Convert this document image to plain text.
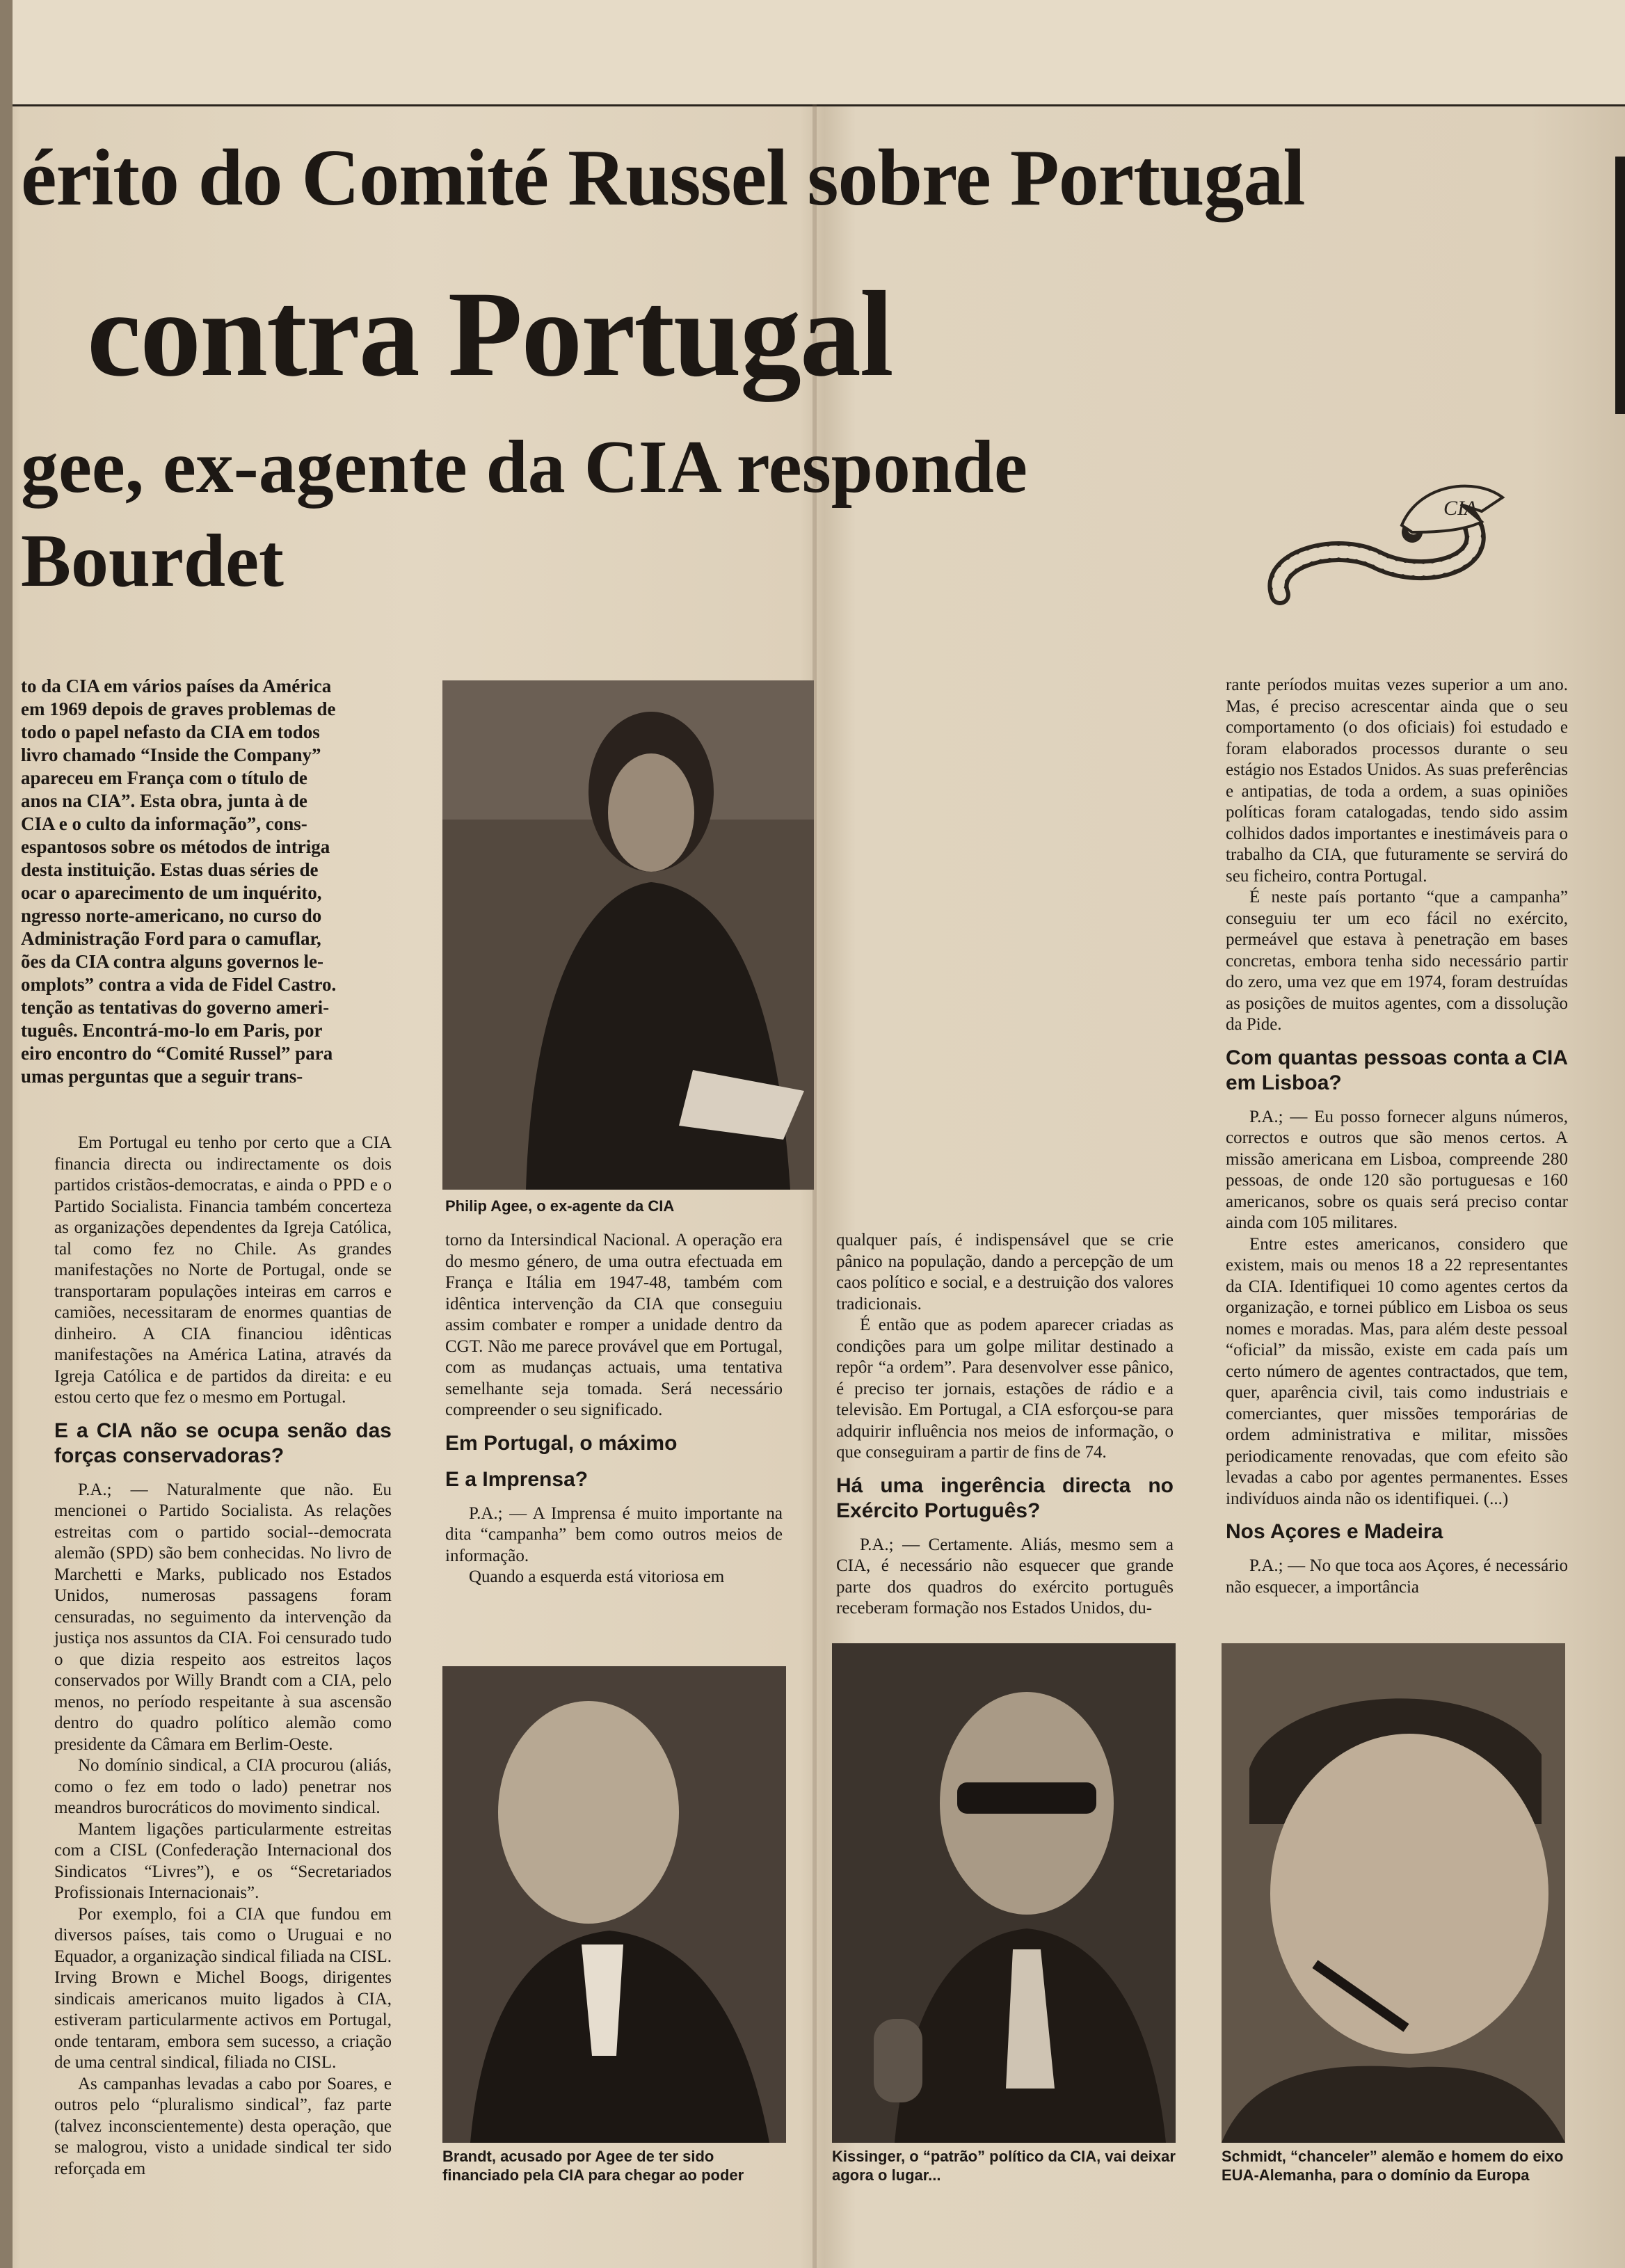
érito do Comité Russel sobre Portugal
contra Portugal
gee, ex-agente da CIA responde
Bourdet
CIA
to da CIA em vários países da América
em 1969 depois de graves problemas de
todo o papel nefasto da CIA em todos
livro chamado “Inside the Company”
apareceu em França com o título de
anos na CIA”. Esta obra, junta à de
CIA e o culto da informação”, cons-
espantosos sobre os métodos de intriga
desta instituição. Estas duas séries de
ocar o aparecimento de um inquérito,
ngresso norte-americano, no curso do
Administração Ford para o camuflar,
ões da CIA contra alguns governos le-
omplots” contra a vida de Fidel Castro.
tenção as tentativas do governo ameri-
tuguês. Encontrá-mo-lo em Paris, por
eiro encontro do “Comité Russel” para
umas perguntas que a seguir trans-

Em Portugal eu tenho por certo que a CIA financia directa ou indirectamente os dois partidos cristãos-democratas, e ainda o PPD e o Partido Socialista. Financia também concerteza as organizações dependentes da Igreja Católica, tal como fez no Chile. As grandes manifestações no Norte de Portugal, onde se transportaram populações inteiras em carros e camiões, necessitaram de enormes quantias de dinheiro. A CIA financiou idênticas manifestações na América Latina, através da Igreja Católica e de partidos da direita: e eu estou certo que fez o mesmo em Portugal.

E a CIA não se ocupa senão das forças conservadoras?

P.A.; — Naturalmente que não. Eu mencionei o Partido Socialista. As relações estreitas com o partido social--democrata alemão (SPD) são bem conhecidas. No livro de Marchetti e Marks, publicado nos Estados Unidos, numerosas passagens foram censuradas, no seguimento da intervenção da justiça nos assuntos da CIA. Foi censurado tudo o que dizia respeito aos estreitos laços conservados por Willy Brandt com a CIA, pelo menos, no período respeitante à sua ascensão dentro do quadro político alemão como presidente da Câmara em Berlim-Oeste.

No domínio sindical, a CIA procurou (aliás, como o fez em todo o lado) penetrar nos meandros burocráticos do movimento sindical.

Mantem ligações particularmente estreitas com a CISL (Confederação Internacional dos Sindicatos “Livres”), e os “Secretariados Profissionais Internacionais”.

Por exemplo, foi a CIA que fundou em diversos países, tais como o Uruguai e no Equador, a organização sindical filiada na CISL. Irving Brown e Michel Boogs, dirigentes sindicais americanos muito ligados à CIA, estiveram particularmente activos em Portugal, onde tentaram, embora sem sucesso, a criação de uma central sindical, filiada no CISL.

As campanhas levadas a cabo por Soares, e outros pelo “pluralismo sindical”, faz parte (talvez inconscientemente) desta operação, que se malogrou, visto a unidade sindical ter sido reforçada em

Philip Agee, o ex-agente da CIA

torno da Intersindical Nacional. A operação era do mesmo género, de uma outra efectuada em França e Itália em 1947-48, também com idêntica intervenção da CIA que conseguiu assim combater e romper a unidade dentro da CGT. Não me parece provável que em Portugal, com as mudanças actuais, uma tentativa semelhante seja tomada. Será necessário compreender o seu significado.

Em Portugal, o máximo
E a Imprensa?

P.A.; — A Imprensa é muito importante na dita “campanha” bem como outros meios de informação.

Quando a esquerda está vitoriosa em

qualquer país, é indispensável que se crie pânico na população, dando a percepção de um caos político e social, e a destruição dos valores tradicionais.

É então que as podem aparecer criadas as condições para um golpe militar destinado a repôr “a ordem”. Para desenvolver esse pânico, é preciso ter jornais, estações de rádio e a televisão. Em Portugal, a CIA esforçou-se para adquirir influência nos meios de informação, o que conseguiram a partir de fins de 74.

Há uma ingerência directa no Exército Português?

P.A.; — Certamente. Aliás, mesmo sem a CIA, é necessário não esquecer que grande parte dos quadros do exército português receberam formação nos Estados Unidos, du-

rante períodos muitas vezes superior a um ano. Mas, é preciso acrescentar ainda que o seu comportamento (o dos oficiais) foi estudado e foram elaborados processos durante o seu estágio nos Estados Unidos. As suas preferências e antipatias, de toda a ordem, a suas opiniões políticas foram catalogadas, tendo sido assim colhidos dados importantes e inestimáveis para o trabalho da CIA, que futuramente se servirá do seu ficheiro, contra Portugal.

É neste país portanto “que a campanha” conseguiu ter um eco fácil no exército, permeável que estava à penetração em bases concretas, embora tenha sido necessário partir do zero, uma vez que em 1974, foram destruídas as posições de muitos agentes, com a dissolução da Pide.

Com quantas pessoas conta a CIA em Lisboa?

P.A.; — Eu posso fornecer alguns números, correctos e outros que são menos certos. A missão americana em Lisboa, compreende 280 pessoas, de onde 120 são portuguesas e 160 americanos, sobre os quais será preciso contar ainda com 105 militares.

Entre estes americanos, considero que existem, mais ou menos 18 a 22 representantes da CIA. Identifiquei 10 como agentes certos da organização, e tornei público em Lisboa os seus nomes e moradas. Mas, para além deste pessoal “oficial” da missão, existe em cada país um certo número de agentes contractados, que tem, quer, aparência civil, tais como industriais e comerciantes, quer missões temporárias de ordem administrativa e militar, missões periodicamente renovadas, que com efeito são levadas a cabo por agentes permanentes. Esses indivíduos ainda não os identifiquei. (...)

Nos Açores e Madeira

P.A.; — No que toca aos Açores, é necessário não esquecer, a importância

Brandt, acusado por Agee de ter sido financiado pela CIA para chegar ao poder
Kissinger, o “patrão” político da CIA, vai deixar agora o lugar...
Schmidt, “chanceler” alemão e homem do eixo EUA-Alemanha, para o domínio da Europa
